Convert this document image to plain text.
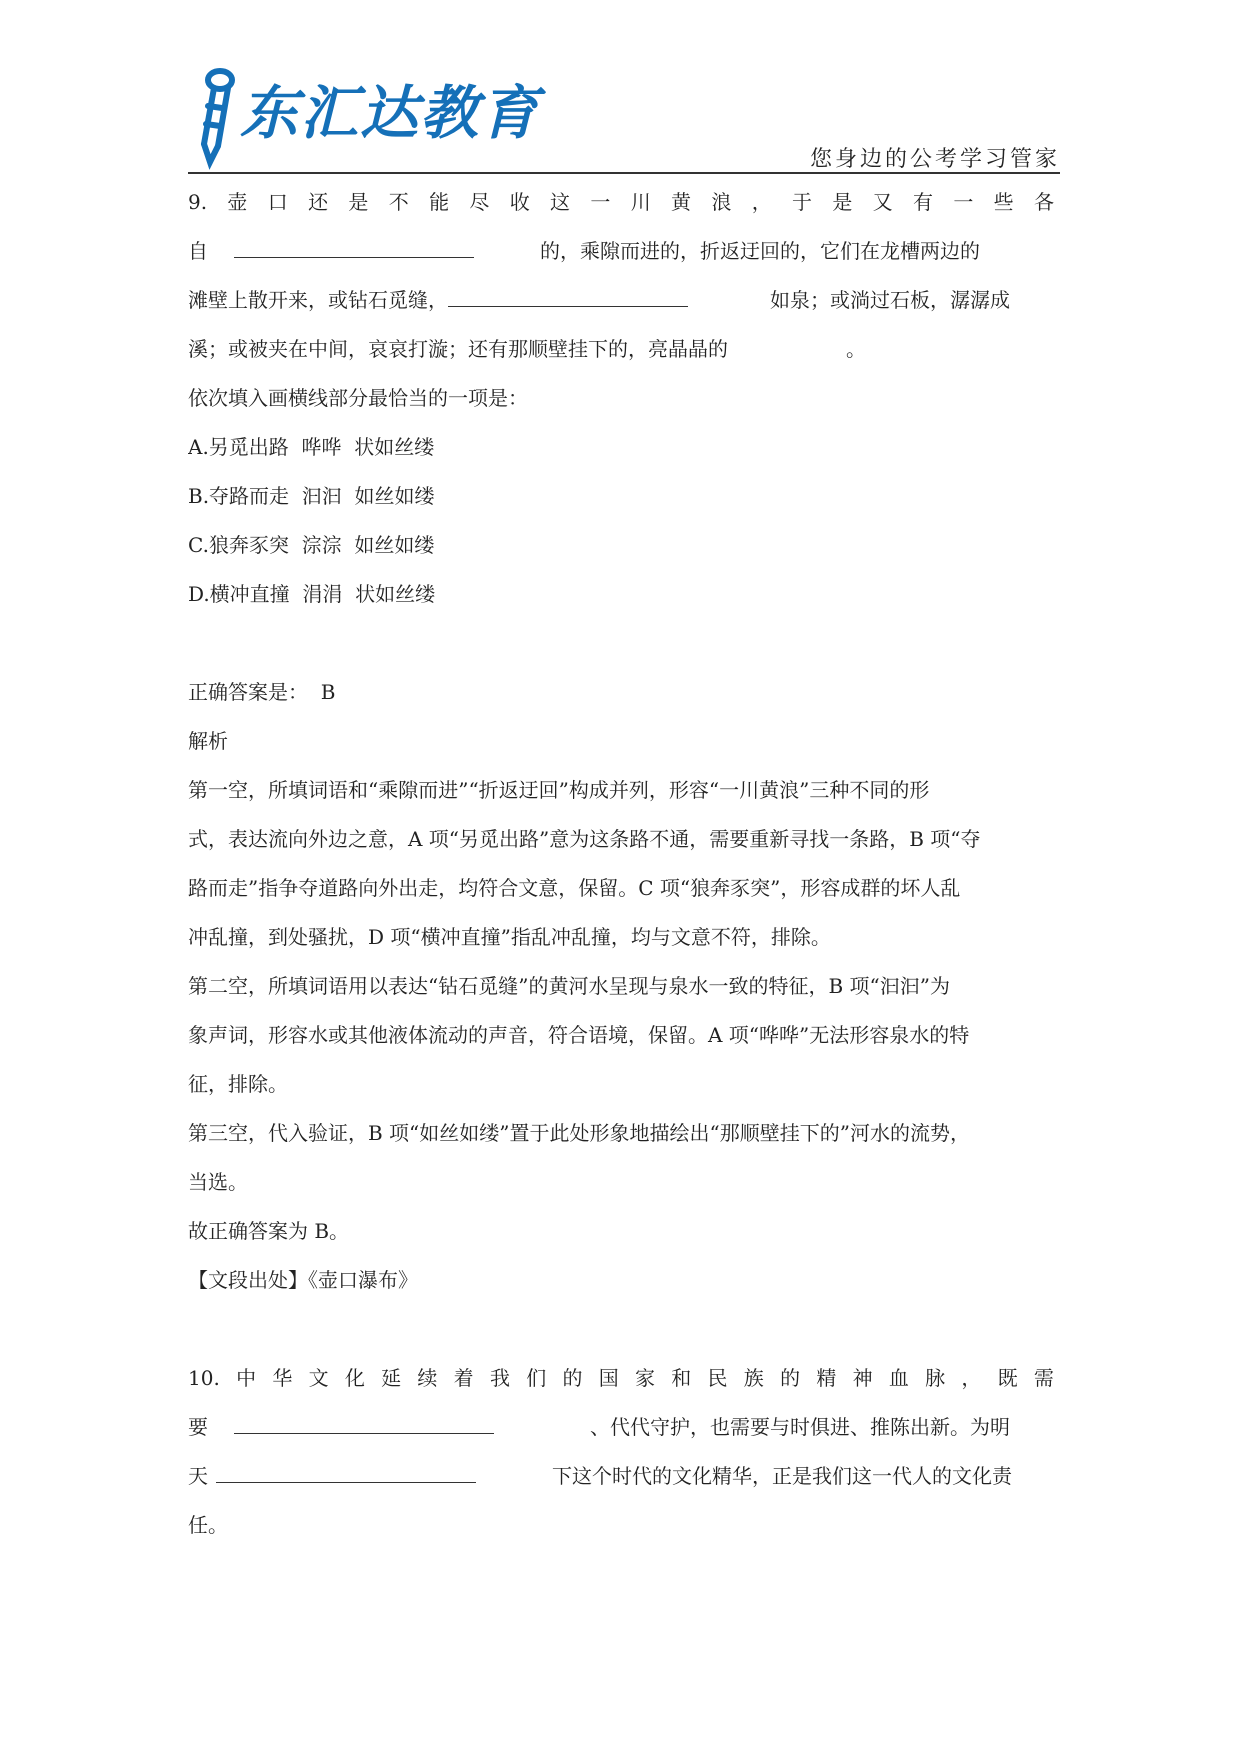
东汇达教育
您身边的公考学习管家
9. 壶 口 还 是 不 能 尽 收 这 一 川 黄 浪 ， 于 是 又 有 一 些 各
自	的，乘隙而进的，折返迂回的，它们在龙槽两边的
滩壁上散开来，或钻石觅缝，	如泉；或淌过石板，潺潺成
溪；或被夹在中间，哀哀打漩；还有那顺壁挂下的，亮晶晶的	。
依次填入画横线部分最恰当的一项是：
A.另觅出路  哗哗  状如丝缕
B.夺路而走  汩汩  如丝如缕
C.狼奔豕突  淙淙  如丝如缕
D.横冲直撞  涓涓  状如丝缕
正确答案是：  B
解析
第一空，所填词语和“乘隙而进”“折返迂回”构成并列，形容“一川黄浪”三种不同的形
式，表达流向外边之意，A 项“另觅出路”意为这条路不通，需要重新寻找一条路，B 项“夺
路而走”指争夺道路向外出走，均符合文意，保留。C 项“狼奔豕突”，形容成群的坏人乱
冲乱撞，到处骚扰，D 项“横冲直撞”指乱冲乱撞，均与文意不符，排除。
第二空，所填词语用以表达“钻石觅缝”的黄河水呈现与泉水一致的特征，B 项“汩汩”为
象声词，形容水或其他液体流动的声音，符合语境，保留。A 项“哗哗”无法形容泉水的特
征，排除。
第三空，代入验证，B 项“如丝如缕”置于此处形象地描绘出“那顺壁挂下的”河水的流势，
当选。
故正确答案为 B。
【文段出处】《壶口瀑布》
10. 中 华 文 化 延 续 着 我 们 的 国 家 和 民 族 的 精 神 血 脉 ， 既 需
要	、代代守护，也需要与时俱进、推陈出新。为明
天	下这个时代的文化精华，正是我们这一代人的文化责
任。
